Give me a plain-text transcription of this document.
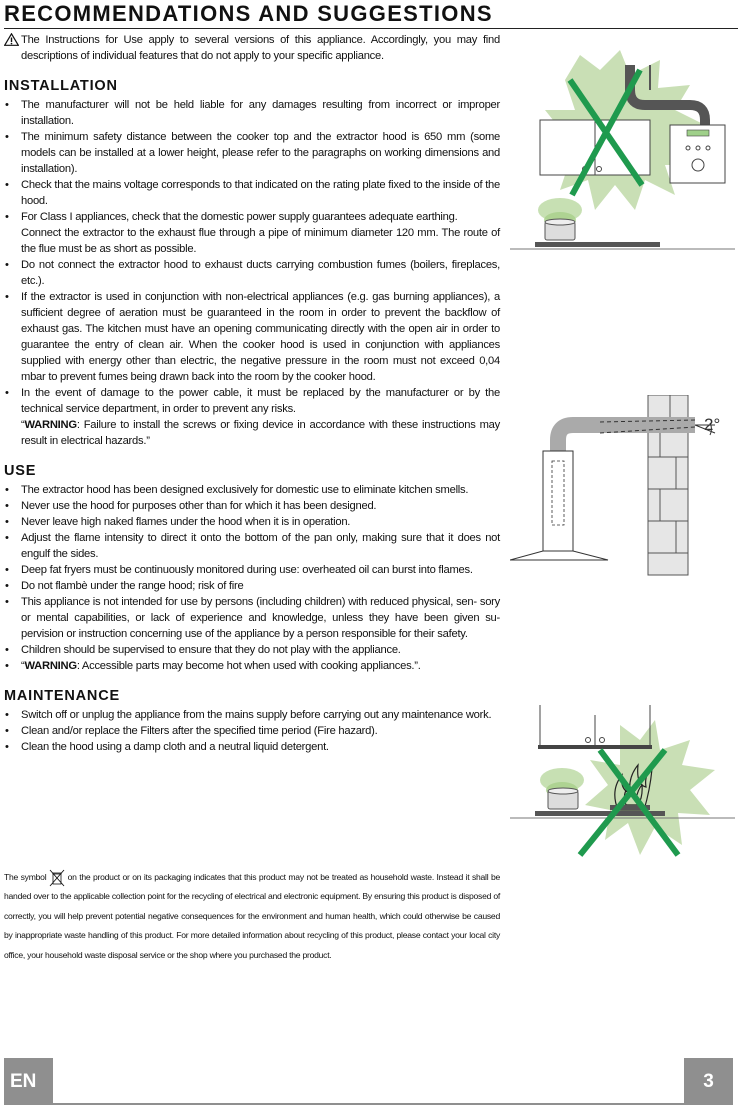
RECOMMENDATIONS AND SUGGESTIONS
The Instructions for Use apply to several versions of this appliance. Accordingly, you may find descriptions of individual features that do not apply to your specific appliance.
INSTALLATION
• The manufacturer will not be held liable for any damages resulting from incorrect or improper installation.
• The minimum safety distance between the cooker top and the extractor hood is 650 mm (some models can be installed at a lower height, please refer to the paragraphs on working dimensions and installation).
• Check that the mains voltage corresponds to that indicated on the rating plate fixed to the inside of the hood.
• For Class I appliances, check that the domestic power supply guarantees adequate earthing.
Connect the extractor to the exhaust flue through a pipe of minimum diameter 120 mm. The route of the flue must be as short as possible.
• Do not connect the extractor hood to exhaust ducts carrying combustion fumes (boilers, fireplaces, etc.).
• If the extractor is used in conjunction with non-electrical appliances (e.g. gas burning appliances), a sufficient degree of aeration must be guaranteed in the room in order to prevent the backflow of exhaust gas. The kitchen must have an opening communicating directly with the open air in order to guarantee the entry of clean air. When the cooker hood is used in conjunction with appliances supplied with energy other than electric, the negative pressure in the room must not exceed 0,04 mbar to prevent fumes being drawn back into the room by the cooker hood.
• In the event of damage to the power cable, it must be replaced by the manufacturer or by the technical service department, in order to prevent any risks.
“WARNING: Failure to install the screws or fixing device in accordance with these instructions may result in electrical hazards.”
USE
• The extractor hood has been designed exclusively for domestic use to eliminate kitchen smells.
• Never use the hood for purposes other than for which it has been designed.
• Never leave high naked flames under the hood when it is in operation.
• Adjust the flame intensity to direct it onto the bottom of the pan only, making sure that it does not engulf the sides.
• Deep fat fryers must be continuously monitored during use: overheated oil can burst into flames.
• Do not flambè under the range hood; risk of fire
• This appliance is not intended for use by persons (including children) with reduced physical, sen- sory or mental capabilities, or lack of experience and knowledge, unless they have been given su- pervision or instruction concerning use of the appliance by a person responsible for their safety.
• Children should be supervised to ensure that they do not play with the appliance.
• “WARNING: Accessible parts may become hot when used with cooking appliances.”.
MAINTENANCE
• Switch off or unplug the appliance from the mains supply before carrying out any maintenance work.
• Clean and/or replace the Filters after the specified time period (Fire hazard).
• Clean the hood using a damp cloth and a neutral liquid detergent.
The symbol on the product or on its packaging indicates that this product may not be treated as household waste. Instead it shall be handed over to the applicable collection point for the recycling of electrical and electronic equipment. By ensuring this product is disposed of correctly, you will help prevent potential negative consequences for the environment and human health, which could otherwise be caused by inappropriate waste handling of this product. For more detailed information about recycling of this product, please contact your local city office, your household waste disposal service or the shop where you purchased the product.
2°
EN	3
